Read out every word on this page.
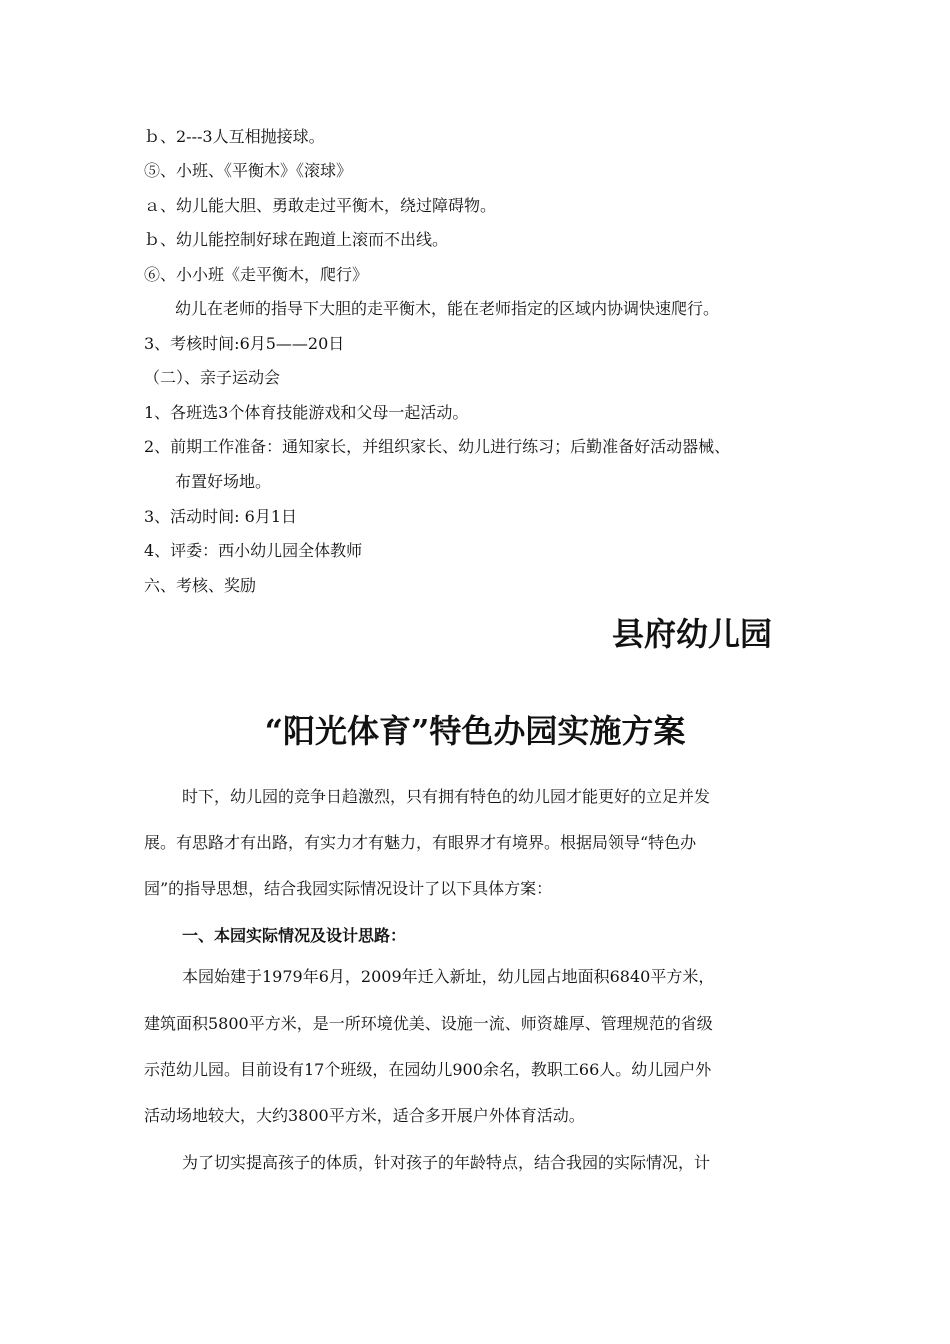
ｂ、2---3人互相抛接球。
⑤、小班、《平衡木》《滚球》
ａ、幼儿能大胆、勇敢走过平衡木，绕过障碍物。
ｂ、幼儿能控制好球在跑道上滚而不出线。
⑥、小小班《走平衡木，爬行》
幼儿在老师的指导下大胆的走平衡木，能在老师指定的区域内协调快速爬行。
3、考核时间:6月5——20日
（二）、亲子运动会
1、各班选3个体育技能游戏和父母一起活动。
2、前期工作准备：通知家长，并组织家长、幼儿进行练习；后勤准备好活动器械、
布置好场地。
3、活动时间: 6月1日
4、评委：西小幼儿园全体教师
六、考核、奖励
县府幼儿园
“阳光体育”特色办园实施方案
时下，幼儿园的竞争日趋激烈，只有拥有特色的幼儿园才能更好的立足并发
展。有思路才有出路，有实力才有魅力，有眼界才有境界。根据局领导“特色办
园”的指导思想，结合我园实际情况设计了以下具体方案：
一、本园实际情况及设计思路：
本园始建于1979年6月，2009年迁入新址，幼儿园占地面积6840平方米，
建筑面积5800平方米，是一所环境优美、设施一流、师资雄厚、管理规范的省级
示范幼儿园。目前设有17个班级，在园幼儿900余名，教职工66人。幼儿园户外
活动场地较大，大约3800平方米，适合多开展户外体育活动。
为了切实提高孩子的体质，针对孩子的年龄特点，结合我园的实际情况，计
